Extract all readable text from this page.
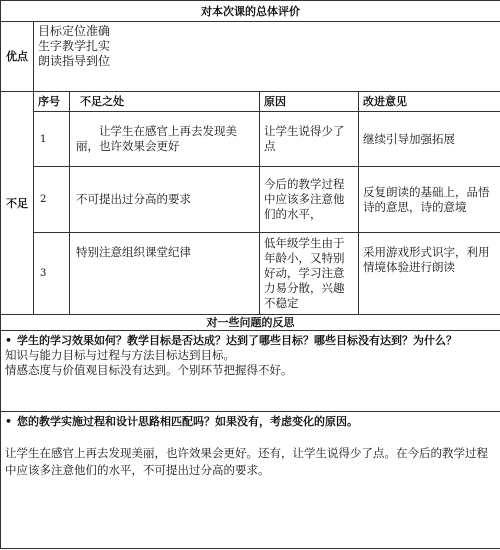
对本次课的总体评价				
优点	目标定位准确
生字教学扎实
朗读指导到位			

不足	序号	不足之处	原因	改进意见
	1	　　让学生在感官上再去发现美丽，也许效果会更好	让学生说得少了点	继续引导加强拓展
	2	不可提出过分高的要求	今后的教学过程中应该多注意他们的水平，	反复朗读的基础上，品悟诗的意思，诗的意境
	3	特别注意组织课堂纪律	低年级学生由于年龄小，又特别好动，学习注意力易分散，兴趣不稳定	采用游戏形式识字，利用情境体验进行朗读
对一些问题的反思				

• 学生的学习效果如何？教学目标是否达成？达到了哪些目标？哪些目标没有达到？为什么？
知识与能力目标与过程与方法目标达到目标。
情感态度与价值观目标没有达到。个别环节把握得不好。				

• 您的教学实施过程和设计思路相匹配吗？如果没有，考虑变化的原因。
让学生在感官上再去发现美丽，也许效果会更好。还有，让学生说得少了点。在今后的教学过程中应该多注意他们的水平，不可提出过分高的要求。				
